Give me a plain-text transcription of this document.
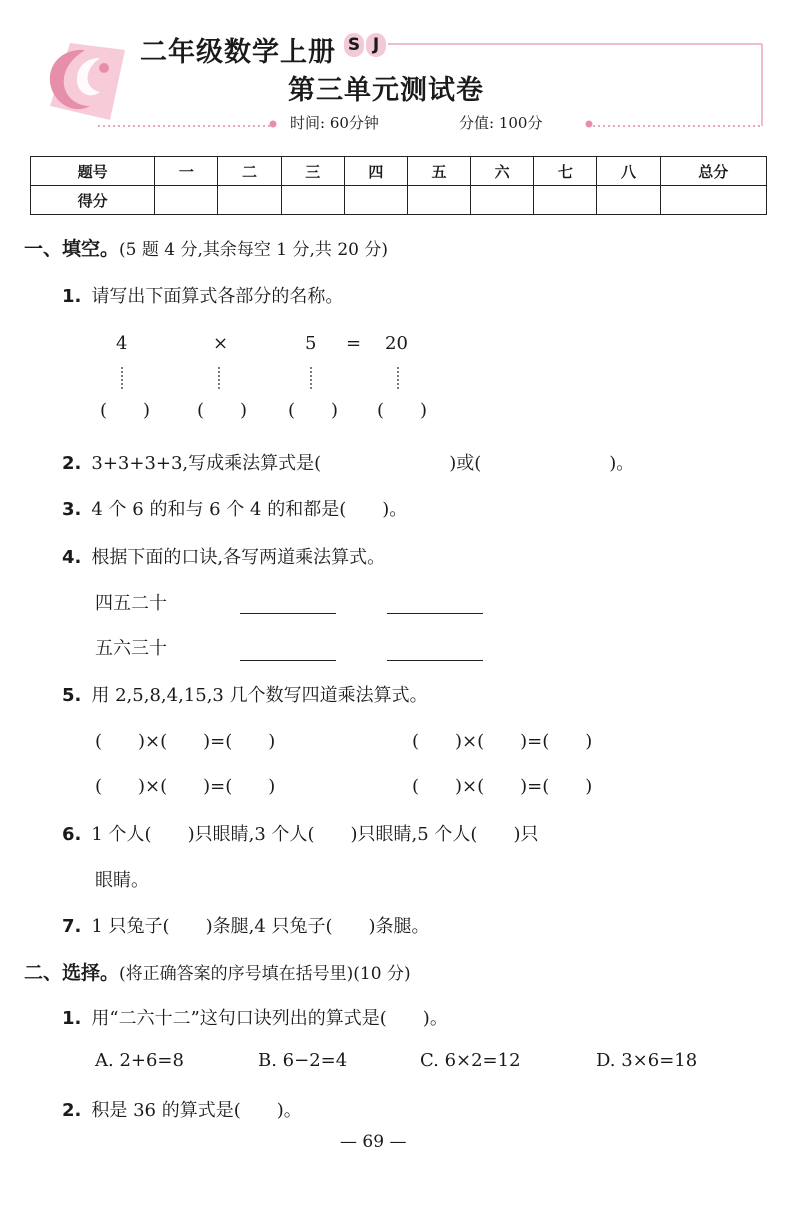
二年级数学上册 S J
第三单元测试卷
时间: 60分钟	分值: 100分
题号	一	二	三	四	五	六	七	八	总分
得分									
一、填空。(5 题 4 分,其余每空 1 分,共 20 分)
1. 请写出下面算式各部分的名称。
4	×	5 = 20
(　　)	(　　) (　　) (　　)
2. 3+3+3+3,写成乘法算式是(	)或(	)。
3. 4 个 6 的和与 6 个 4 的和都是(　　)。
4. 根据下面的口诀,各写两道乘法算式。
四五二十
五六三十
5. 用 2,5,8,4,15,3 几个数写四道乘法算式。
(　　)×(　　)=(　　)	(　　)×(　　)=(　　)
(　　)×(　　)=(　　)	(　　)×(　　)=(　　)
6. 1 个人(　　)只眼睛,3 个人(　　)只眼睛,5 个人(　　)只
眼睛。
7. 1 只兔子(　　)条腿,4 只兔子(　　)条腿。
二、选择。(将正确答案的序号填在括号里)(10 分)
1. 用“二六十二”这句口诀列出的算式是(　　)。
A. 2+6=8	B. 6−2=4	C. 6×2=12	D. 3×6=18
2. 积是 36 的算式是(　　)。
— 69 —
